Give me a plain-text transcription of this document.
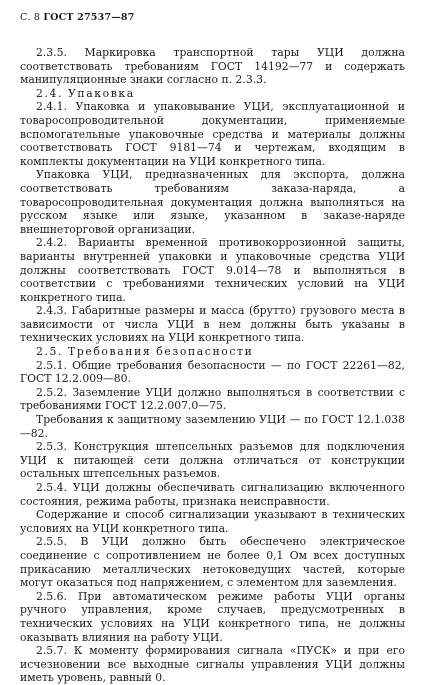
С. 8 ГОСТ 27537—87

2.3.5. Маркировка транспортной тары УЦИ должна соответствовать требованиям ГОСТ 14192—77 и содержать манипуляционные знаки согласно п. 2.3.3.

2.4. Упаковка

2.4.1. Упаковка и упаковывание УЦИ, эксплуатационной и товаросопроводительной документации, применяемые вспомогательные упаковочные средства и материалы должны соответствовать ГОСТ 9181—74 и чертежам, входящим в комплекты документации на УЦИ конкретного типа.

Упаковка УЦИ, предназначенных для экспорта, должна соответствовать требованиям заказа-наряда, а товаросопроводительная документация должна выполняться на русском языке или языке, указанном в заказе-наряде внешнеторговой организации.

2.4.2. Варианты временной противокоррозионной защиты, варианты внутренней упаковки и упаковочные средства УЦИ должны соответствовать ГОСТ 9.014—78 и выполняться в соответствии с требованиями технических условий на УЦИ конкретного типа.

2.4.3. Габаритные размеры и масса (брутто) грузового места в зависимости от числа УЦИ в нем должны быть указаны в технических условиях на УЦИ конкретного типа.

2.5. Требования безопасности

2.5.1. Общие требования безопасности — по ГОСТ 22261—82, ГОСТ 12.2.009—80.

2.5.2. Заземление УЦИ должно выполняться в соответствии с требованиями ГОСТ 12.2.007.0—75.

Требования к защитному заземлению УЦИ — по ГОСТ 12.1.038—82.

2.5.3. Конструкция штепсельных разъемов для подключения УЦИ к питающей сети должна отличаться от конструкции остальных штепсельных разъемов.

2.5.4. УЦИ должны обеспечивать сигнализацию включенного состояния, режима работы, признака неисправности.

Содержание и способ сигнализации указывают в технических условиях на УЦИ конкретного типа.

2.5.5. В УЦИ должно быть обеспечено электрическое соединение с сопротивлением не более 0,1 Ом всех доступных прикасанию металлических нетоковедущих частей, которые могут оказаться под напряжением, с элементом для заземления.

2.5.6. При автоматическом режиме работы УЦИ органы ручного управления, кроме случаев, предусмотренных в технических условиях на УЦИ конкретного типа, не должны оказывать влияния на работу УЦИ.

2.5.7. К моменту формирования сигнала «ПУСК» и при его исчезновении все выходные сигналы управления УЦИ должны иметь уровень, равный 0.
